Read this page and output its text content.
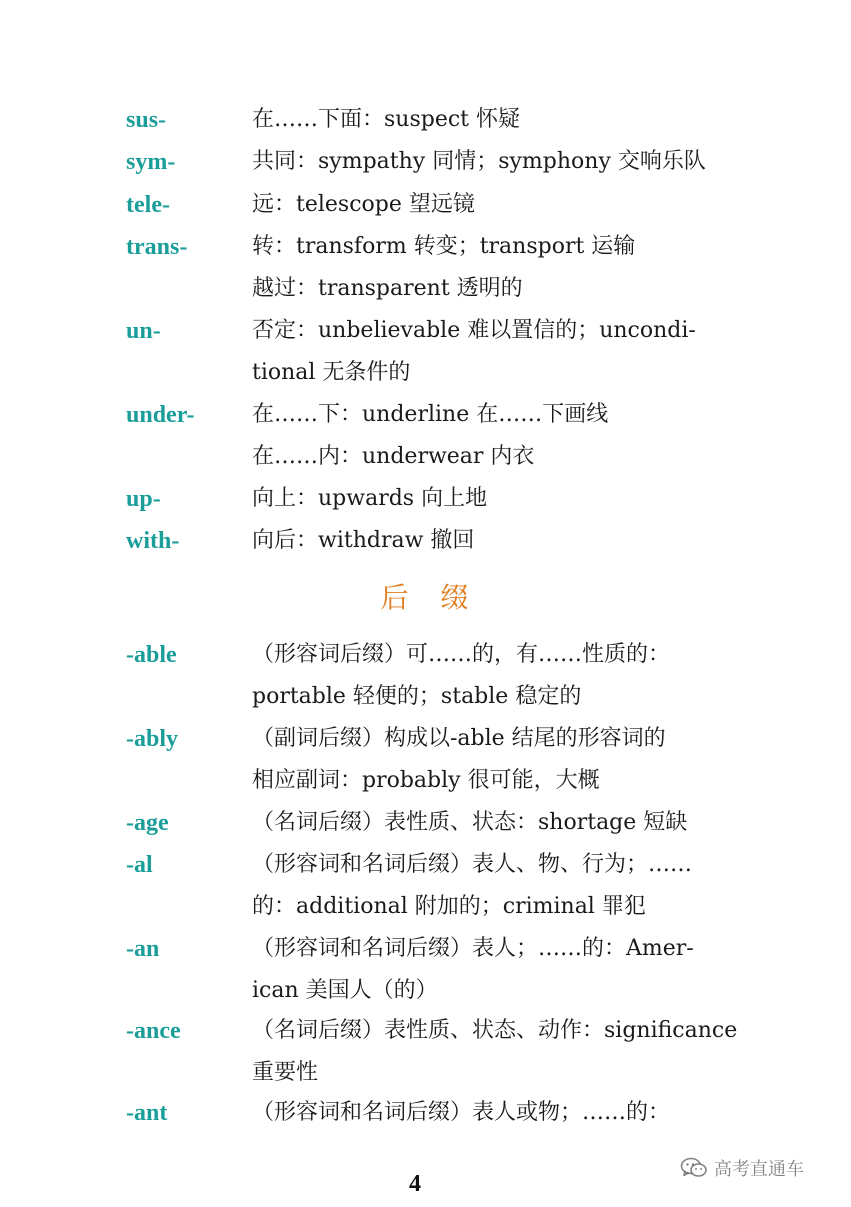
sus-	在……下面：suspect 怀疑
sym-	共同：sympathy 同情；symphony 交响乐队
tele-	远：telescope 望远镜
trans-	转：transform 转变；transport 运输
越过：transparent 透明的
un-	否定：unbelievable 难以置信的；uncondi-
tional 无条件的
under-	在……下：underline 在……下画线
在……内：underwear 内衣
up-	向上：upwards 向上地
with-	向后：withdraw 撤回
后　缀
-able	（形容词后缀）可……的，有……性质的：
portable 轻便的；stable 稳定的
-ably	（副词后缀）构成以-able 结尾的形容词的
相应副词：probably 很可能，大概
-age	（名词后缀）表性质、状态：shortage 短缺
-al	（形容词和名词后缀）表人、物、行为；……
的：additional 附加的；criminal 罪犯
-an	（形容词和名词后缀）表人；……的：Amer-
ican 美国人（的）
-ance	（名词后缀）表性质、状态、动作：significance
重要性
-ant	（形容词和名词后缀）表人或物；……的：
4
高考直通车
